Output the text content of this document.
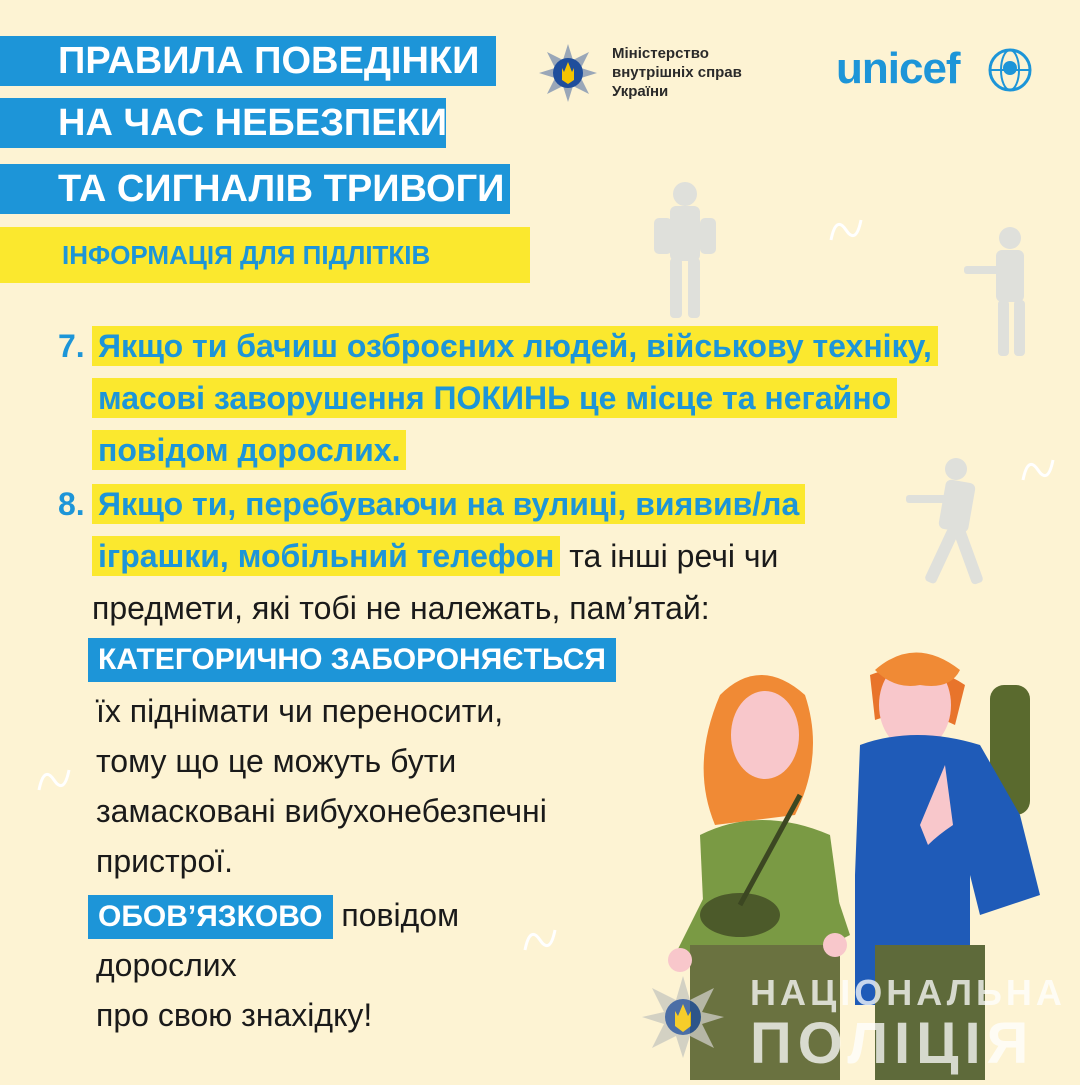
ПРАВИЛА ПОВЕДІНКИ
НА ЧАС НЕБЕЗПЕКИ
ТА СИГНАЛІВ ТРИВОГИ
ІНФОРМАЦІЯ ДЛЯ ПІДЛІТКІВ
Міністерство
внутрішніх справ
України	unicef
7. Якщо ти бачиш озброєних людей, військову техніку, масові заворушення ПОКИНЬ це місце та негайно повідом дорослих.
8. Якщо ти, перебуваючи на вулиці, виявив/ла іграшки, мобільний телефон та інші речі чи предмети, які тобі не належать, пам’ятай:
КАТЕГОРИЧНО ЗАБОРОНЯЄТЬСЯ
їх піднімати чи переносити,
тому що це можуть бути
замасковані вибухонебезпечні
пристрої.
ОБОВ’ЯЗКОВО повідом
дорослих
про свою знахідку!
НАЦІОНАЛЬНА
ПОЛІЦІЯ
